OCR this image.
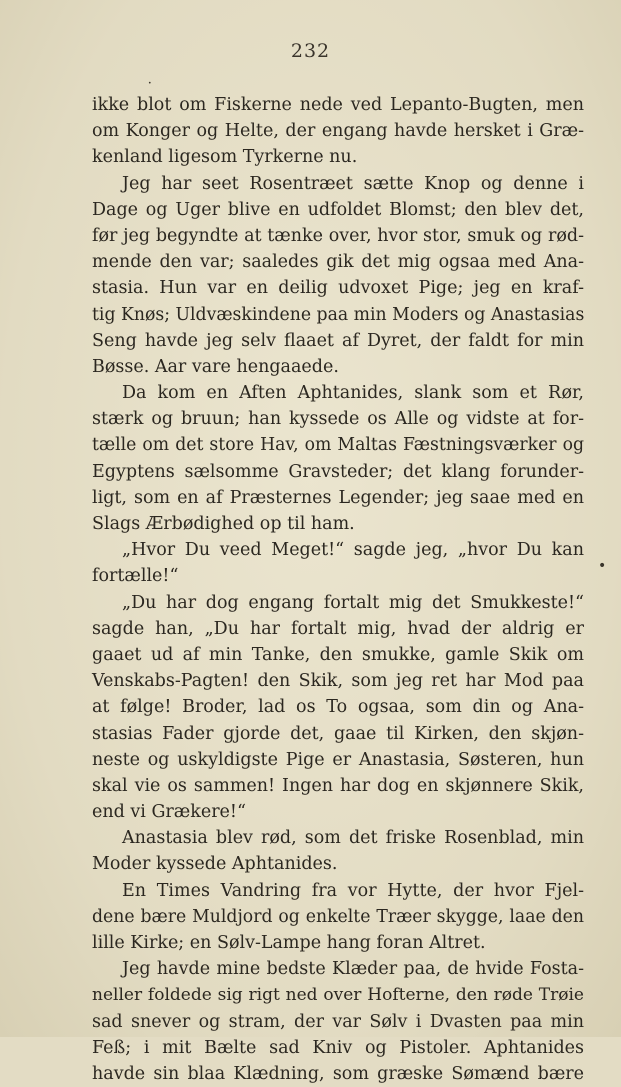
232
ikke blot om Fiskerne nede ved Lepanto-Bugten, men
om Konger og Helte, der engang havde hersket i Græ-
kenland ligesom Tyrkerne nu.
Jeg har seet Rosentræet sætte Knop og denne i
Dage og Uger blive en udfoldet Blomst; den blev det,
før jeg begyndte at tænke over, hvor stor, smuk og rød-
mende den var; saaledes gik det mig ogsaa med Ana-
stasia. Hun var en deilig udvoxet Pige; jeg en kraf-
tig Knøs; Uldvæskindene paa min Moders og Anastasias
Seng havde jeg selv flaaet af Dyret, der faldt for min
Bøsse. Aar vare hengaaede.
Da kom en Aften Aphtanides, slank som et Rør,
stærk og bruun; han kyssede os Alle og vidste at for-
tælle om det store Hav, om Maltas Fæstningsværker og
Egyptens sælsomme Gravsteder; det klang forunder-
ligt, som en af Præsternes Legender; jeg saae med en
Slags Ærbødighed op til ham.
„Hvor Du veed Meget!“ sagde jeg, „hvor Du kan
fortælle!“
„Du har dog engang fortalt mig det Smukkeste!“
sagde han, „Du har fortalt mig, hvad der aldrig er
gaaet ud af min Tanke, den smukke, gamle Skik om
Venskabs-Pagten! den Skik, som jeg ret har Mod paa
at følge! Broder, lad os To ogsaa, som din og Ana-
stasias Fader gjorde det, gaae til Kirken, den skjøn-
neste og uskyldigste Pige er Anastasia, Søsteren, hun
skal vie os sammen! Ingen har dog en skjønnere Skik,
end vi Grækere!“
Anastasia blev rød, som det friske Rosenblad, min
Moder kyssede Aphtanides.
En Times Vandring fra vor Hytte, der hvor Fjel-
dene bære Muldjord og enkelte Træer skygge, laae den
lille Kirke; en Sølv-Lampe hang foran Altret.
Jeg havde mine bedste Klæder paa, de hvide Fosta-
neller foldede sig rigt ned over Hofterne, den røde Trøie
sad snever og stram, der var Sølv i Dvasten paa min
Feß; i mit Bælte sad Kniv og Pistoler. Aphtanides
havde sin blaa Klædning, som græske Sømænd bære
•
•
